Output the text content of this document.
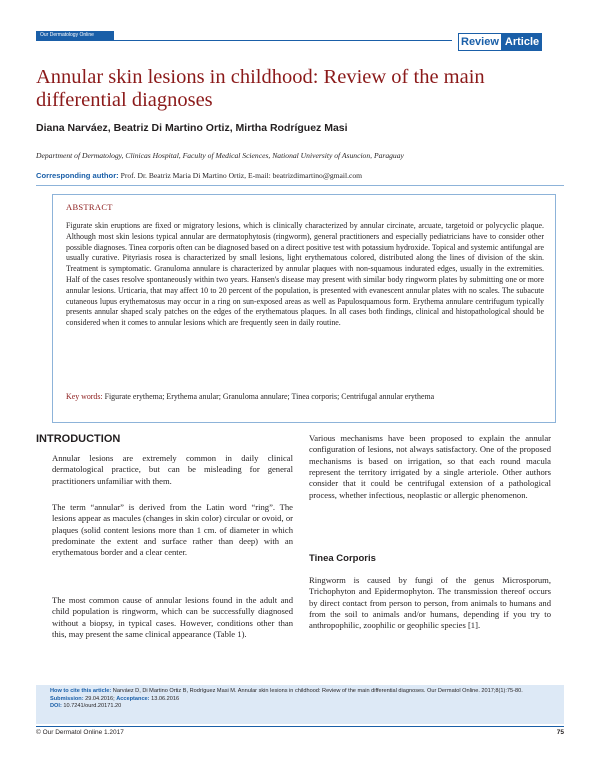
Our Dermatology Online
Review Article
Annular skin lesions in childhood: Review of the main differential diagnoses
Diana Narváez, Beatriz Di Martino Ortiz, Mirtha Rodríguez Masi
Department of Dermatology, Clinicas Hospital, Faculty of Medical Sciences, National University of Asuncion, Paraguay
Corresponding author: Prof. Dr. Beatriz Maria Di Martino Ortiz, E-mail: beatrizdimartino@gmail.com
ABSTRACT

Figurate skin eruptions are fixed or migratory lesions, which is clinically characterized by annular circinate, arcuate, targetoid or polycyclic plaque. Although most skin lesions typical annular are dermatophytosis (ringworm), general practitioners and especially pediatricians have to consider other possible diagnoses. Tinea corporis often can be diagnosed based on a direct positive test with potassium hydroxide. Topical and systemic antifungal are usually curative. Pityriasis rosea is characterized by small lesions, light erythematous colored, distributed along the lines of division of the skin. Treatment is symptomatic. Granuloma annulare is characterized by annular plaques with non-squamous indurated edges, usually in the extremities. Half of the cases resolve spontaneously within two years. Hansen's disease may present with similar body ringworm plates by submitting one or more annular lesions. Urticaria, that may affect 10 to 20 percent of the population, is presented with evanescent annular plates with no scales. The subacute cutaneous lupus erythematosus may occur in a ring on sun-exposed areas as well as Papulosquamous form. Erythema annulare centrifugum typically presents annular shaped scaly patches on the edges of the erythematous plaques. In all cases both findings, clinical and histopathological should be considered when it comes to annular lesions which are frequently seen in daily routine.

Key words: Figurate erythema; Erythema anular; Granuloma annulare; Tinea corporis; Centrifugal annular erythema

INTRODUCTION

Annular lesions are extremely common in daily clinical dermatological practice, but can be misleading for general practitioners unfamiliar with them.

The term “annular” is derived from the Latin word “ring”. The lesions appear as macules (changes in skin color) circular or ovoid, or plaques (solid content lesions more than 1 cm. of diameter in which predominate the extent and surface rather than deep) with an erythematous border and a clear center.

The most common cause of annular lesions found in the adult and child population is ringworm, which can be successfully diagnosed without a biopsy, in typical cases. However, conditions other than this, may present the same clinical appearance (Table 1).

Various mechanisms have been proposed to explain the annular configuration of lesions, not always satisfactory. One of the proposed mechanisms is based on irrigation, so that each round macula represent the territory irrigated by a single arteriole. Other authors consider that it could be centrifugal extension of a pathological process, whether infectious, neoplastic or allergic phenomenon.

Tinea Corporis

Ringworm is caused by fungi of the genus Microsporum, Trichophyton and Epidermophyton. The transmission thereof occurs by direct contact from person to person, from animals to humans and from the soil to animals and/or humans, depending if you try to anthropophilic, zoophilic or geophilic species [1].

How to cite this article: Narváez D, Di Martino Ortiz B, Rodríguez Masi M. Annular skin lesions in childhood: Review of the main differential diagnoses. Our Dermatol Online. 2017;8(1):75-80.
Submission: 29.04.2016; Acceptance: 13.06.2016
DOI: 10.7241/ourd.20171.20
© Our Dermatol Online 1.2017	75
